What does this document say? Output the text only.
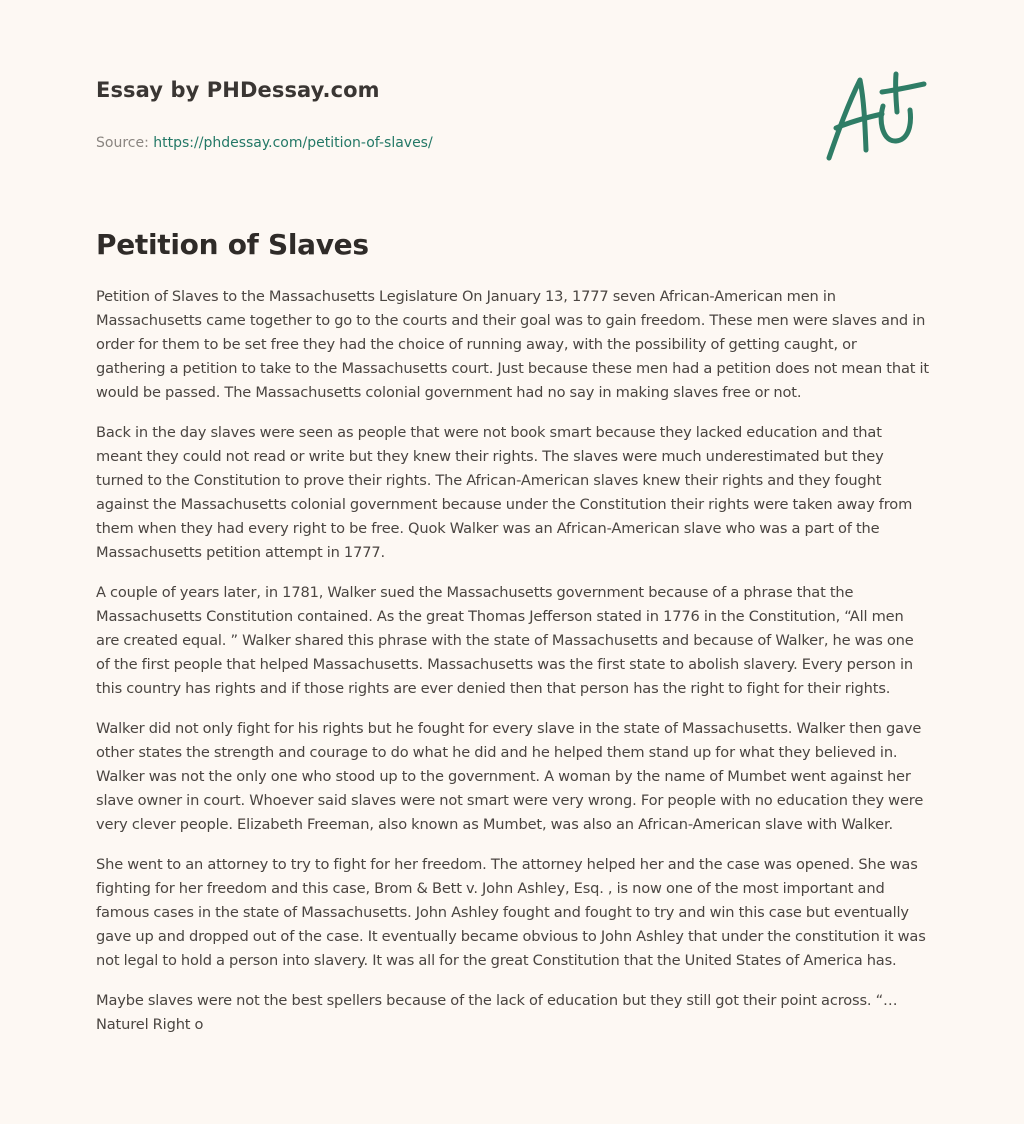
Essay by PHDessay.com
Source: https://phdessay.com/petition-of-slaves/
Petition of Slaves

Petition of Slaves to the Massachusetts Legislature On January 13, 1777 seven African-American men in Massachusetts came together to go to the courts and their goal was to gain freedom. These men were slaves and in order for them to be set free they had the choice of running away, with the possibility of getting caught, or gathering a petition to take to the Massachusetts court. Just because these men had a petition does not mean that it would be passed. The Massachusetts colonial government had no say in making slaves free or not.

Back in the day slaves were seen as people that were not book smart because they lacked education and that meant they could not read or write but they knew their rights. The slaves were much underestimated but they turned to the Constitution to prove their rights. The African-American slaves knew their rights and they fought against the Massachusetts colonial government because under the Constitution their rights were taken away from them when they had every right to be free. Quok Walker was an African-American slave who was a part of the Massachusetts petition attempt in 1777.

A couple of years later, in 1781, Walker sued the Massachusetts government because of a phrase that the Massachusetts Constitution contained. As the great Thomas Jefferson stated in 1776 in the Constitution, “All men are created equal. ” Walker shared this phrase with the state of Massachusetts and because of Walker, he was one of the first people that helped Massachusetts. Massachusetts was the first state to abolish slavery. Every person in this country has rights and if those rights are ever denied then that person has the right to fight for their rights.

Walker did not only fight for his rights but he fought for every slave in the state of Massachusetts. Walker then gave other states the strength and courage to do what he did and he helped them stand up for what they believed in. Walker was not the only one who stood up to the government. A woman by the name of Mumbet went against her slave owner in court. Whoever said slaves were not smart were very wrong. For people with no education they were very clever people. Elizabeth Freeman, also known as Mumbet, was also an African-American slave with Walker.

She went to an attorney to try to fight for her freedom. The attorney helped her and the case was opened. She was fighting for her freedom and this case, Brom & Bett v. John Ashley, Esq. , is now one of the most important and famous cases in the state of Massachusetts. John Ashley fought and fought to try and win this case but eventually gave up and dropped out of the case. It eventually became obvious to John Ashley that under the constitution it was not legal to hold a person into slavery. It was all for the great Constitution that the United States of America has.

Maybe slaves were not the best spellers because of the lack of education but they still got their point across. “… Naturel Right o
